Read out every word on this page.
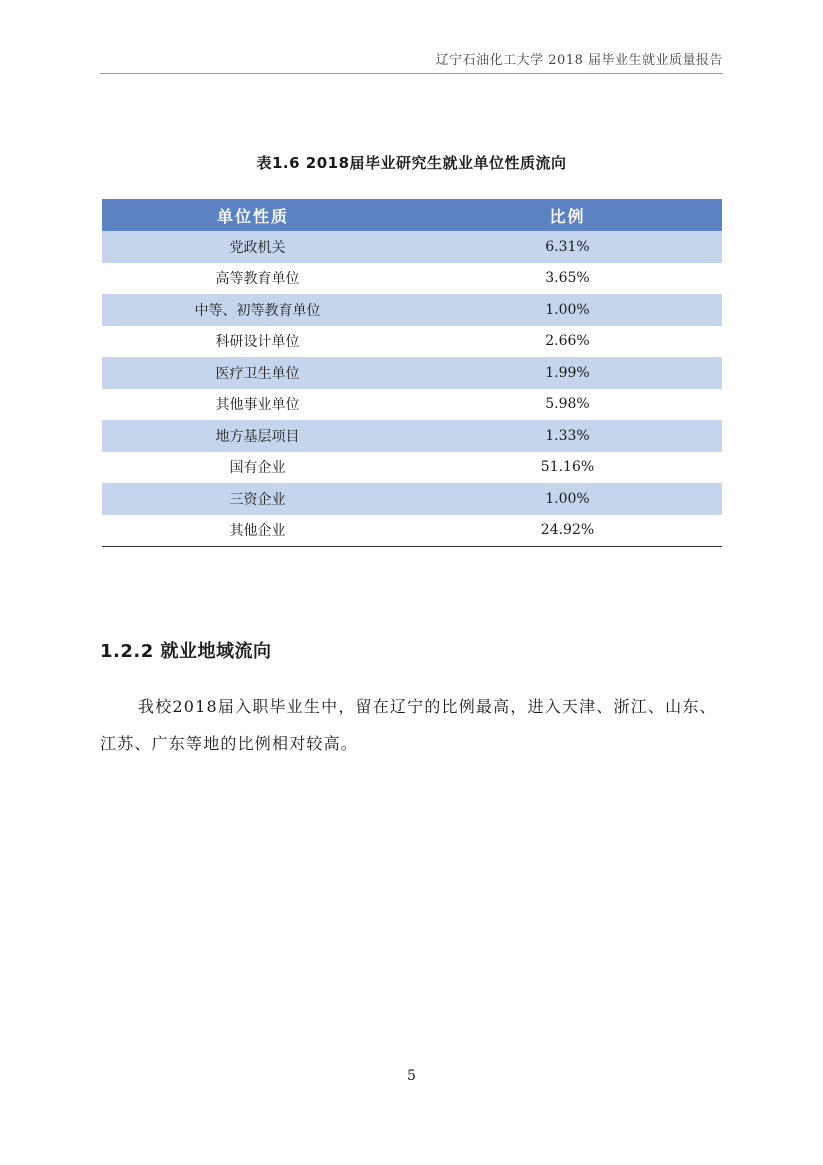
辽宁石油化工大学 2018 届毕业生就业质量报告
表1.6 2018届毕业研究生就业单位性质流向
单位性质	比例
党政机关	6.31%
高等教育单位	3.65%
中等、初等教育单位	1.00%
科研设计单位	2.66%
医疗卫生单位	1.99%
其他事业单位	5.98%
地方基层项目	1.33%
国有企业	51.16%
三资企业	1.00%
其他企业	24.92%
1.2.2 就业地域流向

我校2018届入职毕业生中，留在辽宁的比例最高，进入天津、浙江、山东、江苏、广东等地的比例相对较高。

5
